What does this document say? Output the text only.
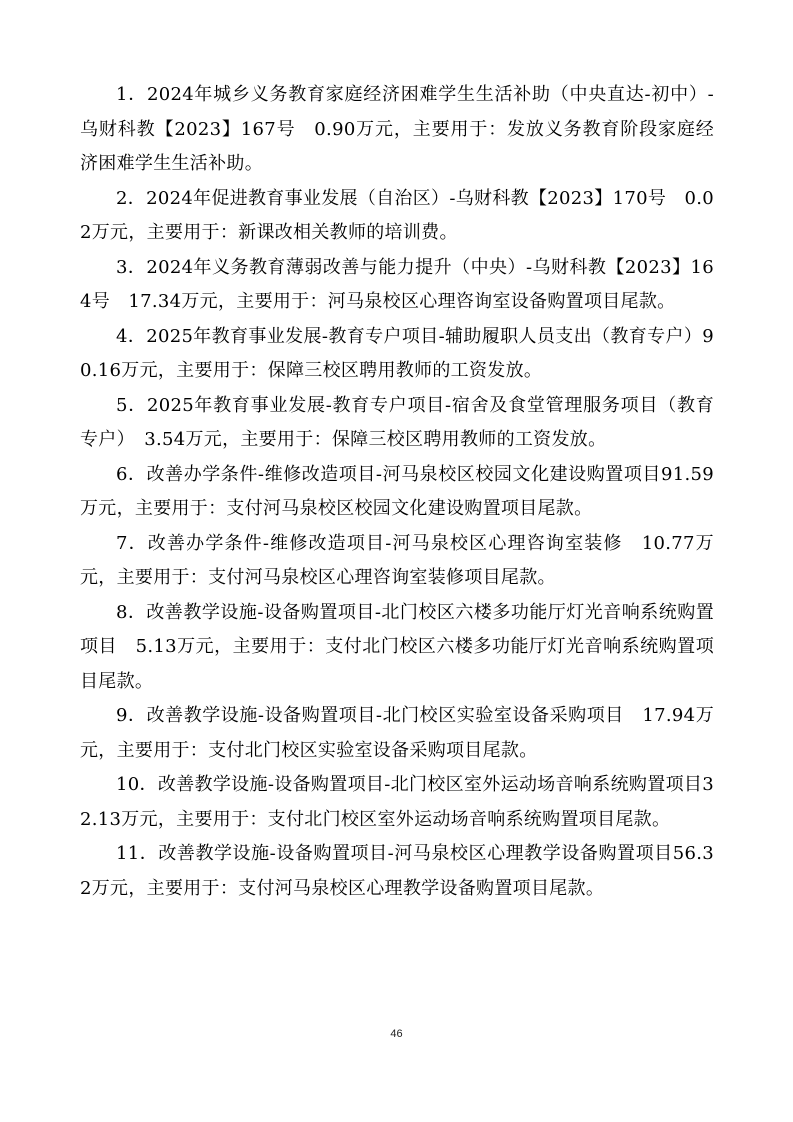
1．2024年城乡义务教育家庭经济困难学生生活补助（中央直达-初中）-乌财科教【2023】167号　0.90万元，主要用于：发放义务教育阶段家庭经济困难学生生活补助。

2．2024年促进教育事业发展（自治区）-乌财科教【2023】170号　0.02万元，主要用于：新课改相关教师的培训费。

3．2024年义务教育薄弱改善与能力提升（中央）-乌财科教【2023】164号　17.34万元，主要用于：河马泉校区心理咨询室设备购置项目尾款。

4．2025年教育事业发展-教育专户项目-辅助履职人员支出（教育专户）90.16万元，主要用于：保障三校区聘用教师的工资发放。

5．2025年教育事业发展-教育专户项目-宿舍及食堂管理服务项目（教育专户）　3.54万元，主要用于：保障三校区聘用教师的工资发放。

6．改善办学条件-维修改造项目-河马泉校区校园文化建设购置项目91.59万元，主要用于：支付河马泉校区校园文化建设购置项目尾款。

7．改善办学条件-维修改造项目-河马泉校区心理咨询室装修　10.77万元，主要用于：支付河马泉校区心理咨询室装修项目尾款。

8．改善教学设施-设备购置项目-北门校区六楼多功能厅灯光音响系统购置项目　5.13万元，主要用于：支付北门校区六楼多功能厅灯光音响系统购置项目尾款。

9．改善教学设施-设备购置项目-北门校区实验室设备采购项目　17.94万元，主要用于：支付北门校区实验室设备采购项目尾款。

10．改善教学设施-设备购置项目-北门校区室外运动场音响系统购置项目32.13万元，主要用于：支付北门校区室外运动场音响系统购置项目尾款。

11．改善教学设施-设备购置项目-河马泉校区心理教学设备购置项目56.32万元，主要用于：支付河马泉校区心理教学设备购置项目尾款。

46
